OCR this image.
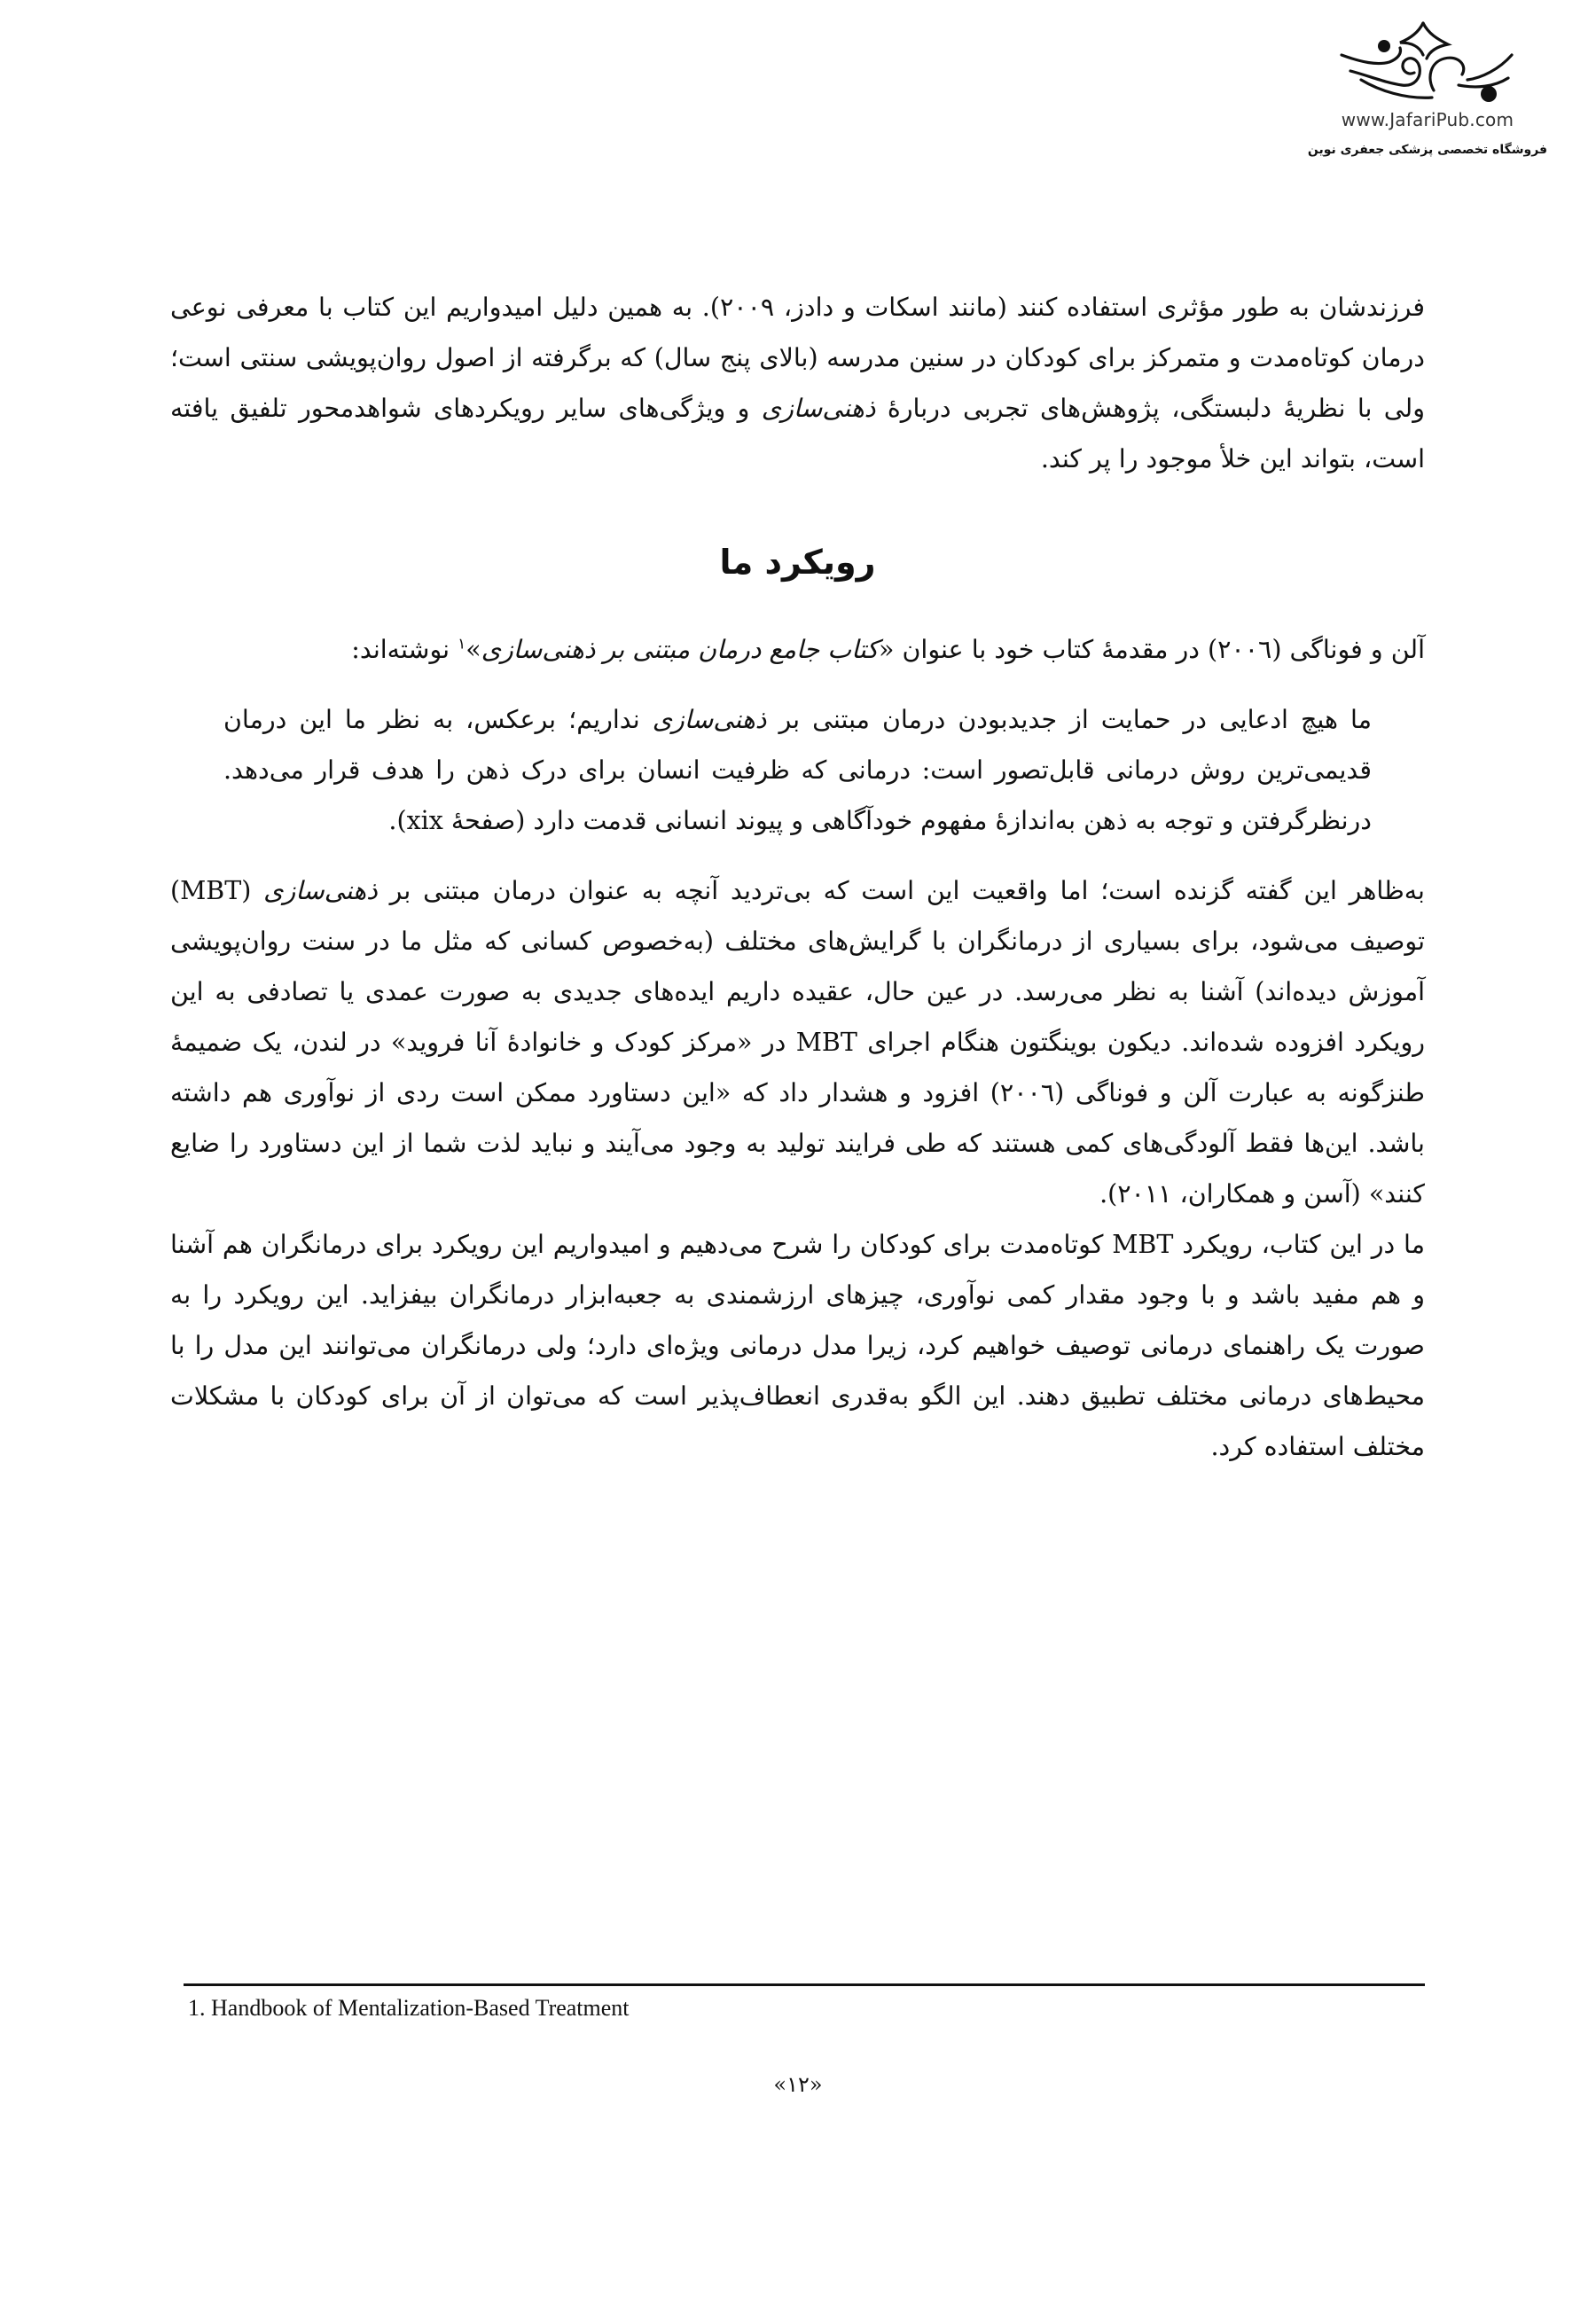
www.JafariPub.com
فروشگاه تخصصی پزشکی جعفری نوین

فرزندشان به طور مؤثری استفاده کنند (مانند اسکات و دادز، ۲۰۰۹). به همین دلیل امیدواریم این کتاب با معرفی نوعی درمان کوتاه‌مدت و متمرکز برای کودکان در سنین مدرسه (بالای پنج سال) که برگرفته از اصول روان‌پویشی سنتی است؛ ولی با نظریهٔ دلبستگی، پژوهش‌های تجربی دربارهٔ ذهنی‌سازی و ویژگی‌های سایر رویکردهای شواهدمحور تلفیق یافته است، بتواند این خلأ موجود را پر کند.

رویکرد ما

آلن و فوناگی (۲۰۰٦) در مقدمهٔ کتاب خود با عنوان «کتاب جامع درمان مبتنی بر ذهنی‌سازی»$^۱$ نوشته‌اند:

ما هیچ ادعایی در حمایت از جدیدبودن درمان مبتنی بر ذهنی‌سازی نداریم؛ برعکس، به نظر ما این درمان قدیمی‌ترین روش درمانی قابل‌تصور است: درمانی که ظرفیت انسان برای درک ذهن را هدف قرار می‌دهد. درنظرگرفتن و توجه به ذهن به‌اندازهٔ مفهوم خودآگاهی و پیوند انسانی قدمت دارد (صفحهٔ xix).

به‌ظاهر این گفته گزنده است؛ اما واقعیت این است که بی‌تردید آنچه به عنوان درمان مبتنی بر ذهنی‌سازی (MBT) توصیف می‌شود، برای بسیاری از درمانگران با گرایش‌های مختلف (به‌خصوص کسانی که مثل ما در سنت روان‌پویشی آموزش دیده‌اند) آشنا به نظر می‌رسد. در عین حال، عقیده داریم ایده‌های جدیدی به صورت عمدی یا تصادفی به این رویکرد افزوده شده‌اند. دیکون بوینگتون هنگام اجرای MBT در «مرکز کودک و خانوادهٔ آنا فروید» در لندن، یک ضمیمهٔ طنزگونه به عبارت آلن و فوناگی (۲۰۰٦) افزود و هشدار داد که «این دستاورد ممکن است ردی از نوآوری هم داشته باشد. این‌ها فقط آلودگی‌های کمی هستند که طی فرایند تولید به وجود می‌آیند و نباید لذت شما از این دستاورد را ضایع کنند» (آسن و همکاران، ۲۰۱۱).

ما در این کتاب، رویکرد MBT کوتاه‌مدت برای کودکان را شرح می‌دهیم و امیدواریم این رویکرد برای درمانگران هم آشنا و هم مفید باشد و با وجود مقدار کمی نوآوری، چیزهای ارزشمندی به جعبه‌ابزار درمانگران بیفزاید. این رویکرد را به صورت یک راهنمای درمانی توصیف خواهیم کرد، زیرا مدل درمانی ویژه‌ای دارد؛ ولی درمانگران می‌توانند این مدل را با محیط‌های درمانی مختلف تطبیق دهند. این الگو به‌قدری انعطاف‌پذیر است که می‌توان از آن برای کودکان با مشکلات مختلف استفاده کرد.

1. Handbook of Mentalization-Based Treatment
«۱۲»
